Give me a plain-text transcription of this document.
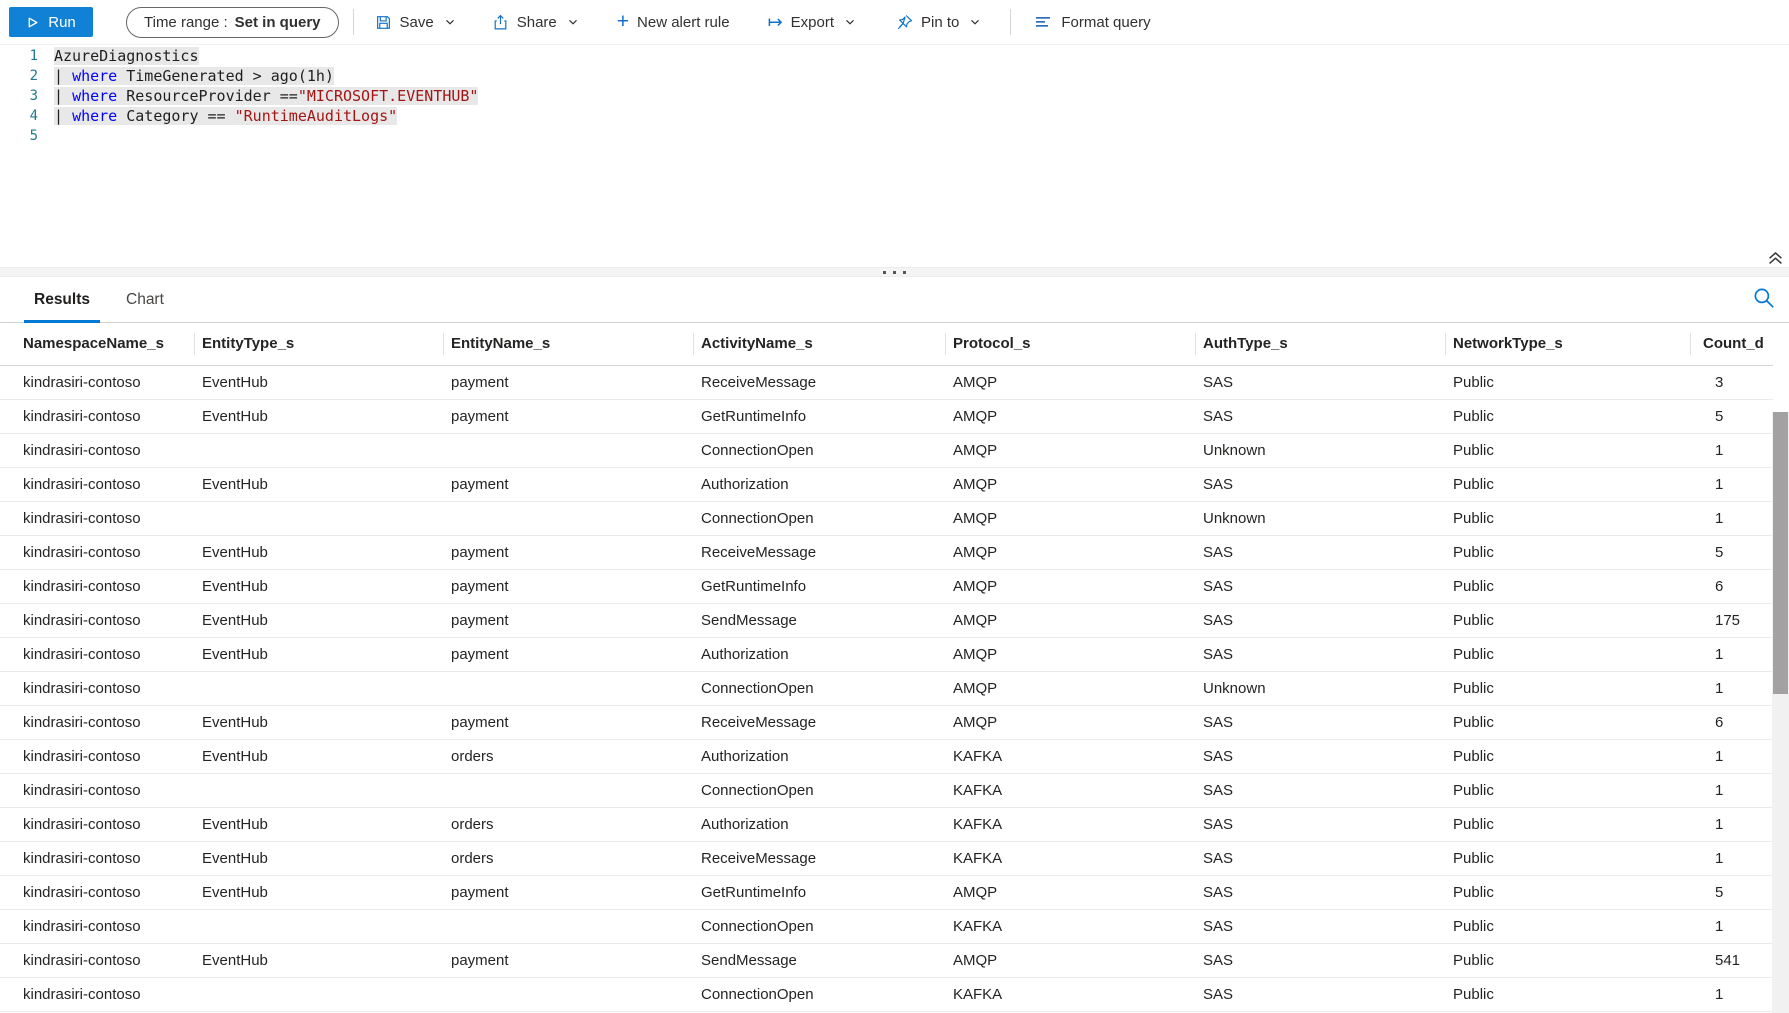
Run	Time range : Set in query	Save	Share	+ New alert rule ↦ Export	Pin to	Format query
1 AzureDiagnostics
2 | where TimeGenerated > ago(1h)
3 | where ResourceProvider =="MICROSOFT.EVENTHUB"
4 | where Category == "RuntimeAuditLogs"
5
Results	Chart
NamespaceName_s	EntityType_s	EntityName_s	ActivityName_s	Protocol_s	AuthType_s	NetworkType_s	Count_d
kindrasiri-contoso	EventHub	payment	ReceiveMessage	AMQP	SAS	Public	3
kindrasiri-contoso	EventHub	payment	GetRuntimeInfo	AMQP	SAS	Public	5
kindrasiri-contoso			ConnectionOpen	AMQP	Unknown	Public	1
kindrasiri-contoso	EventHub	payment	Authorization	AMQP	SAS	Public	1
kindrasiri-contoso			ConnectionOpen	AMQP	Unknown	Public	1
kindrasiri-contoso	EventHub	payment	ReceiveMessage	AMQP	SAS	Public	5
kindrasiri-contoso	EventHub	payment	GetRuntimeInfo	AMQP	SAS	Public	6
kindrasiri-contoso	EventHub	payment	SendMessage	AMQP	SAS	Public	175
kindrasiri-contoso	EventHub	payment	Authorization	AMQP	SAS	Public	1
kindrasiri-contoso			ConnectionOpen	AMQP	Unknown	Public	1
kindrasiri-contoso	EventHub	payment	ReceiveMessage	AMQP	SAS	Public	6
kindrasiri-contoso	EventHub	orders	Authorization	KAFKA	SAS	Public	1
kindrasiri-contoso			ConnectionOpen	KAFKA	SAS	Public	1
kindrasiri-contoso	EventHub	orders	Authorization	KAFKA	SAS	Public	1
kindrasiri-contoso	EventHub	orders	ReceiveMessage	KAFKA	SAS	Public	1
kindrasiri-contoso	EventHub	payment	GetRuntimeInfo	AMQP	SAS	Public	5
kindrasiri-contoso			ConnectionOpen	KAFKA	SAS	Public	1
kindrasiri-contoso	EventHub	payment	SendMessage	AMQP	SAS	Public	541
kindrasiri-contoso			ConnectionOpen	KAFKA	SAS	Public	1
